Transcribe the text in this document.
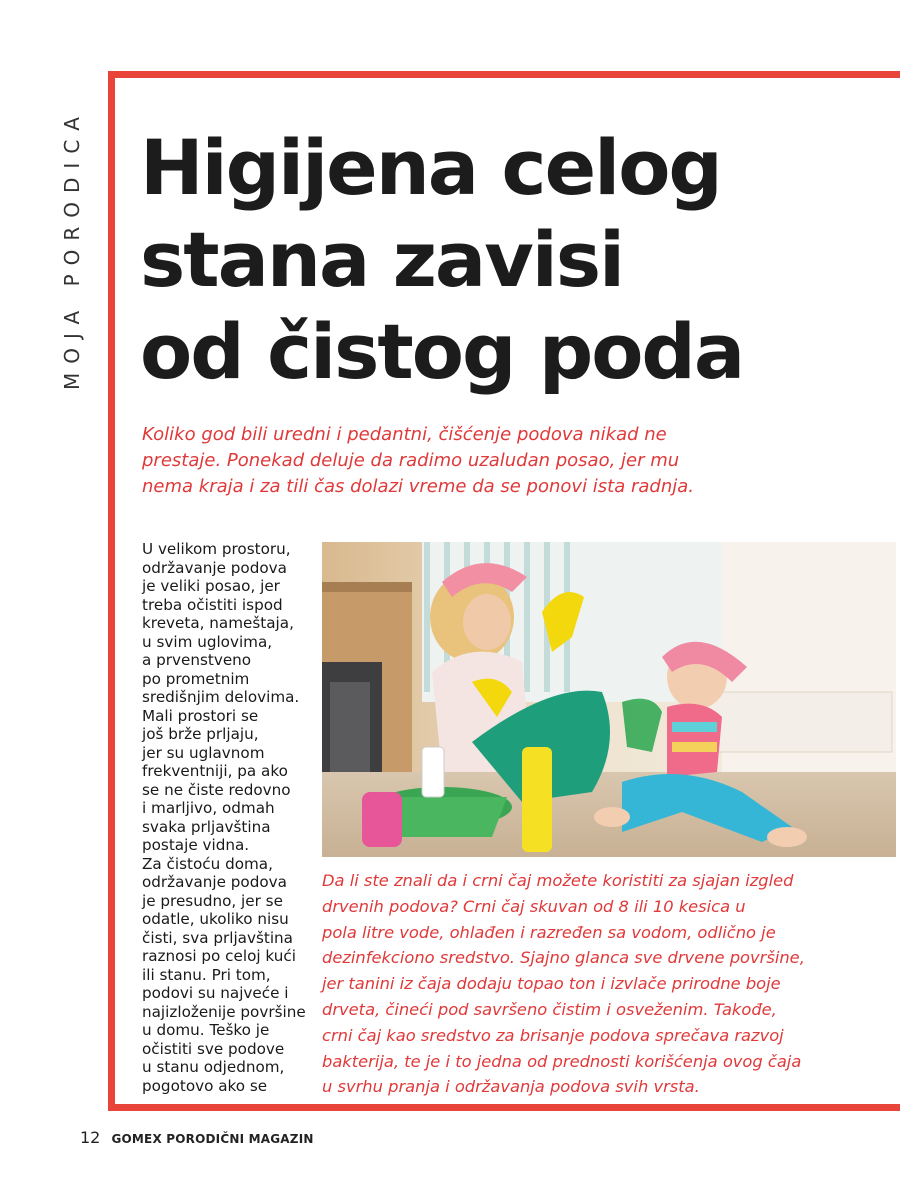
MOJA PORODICA Higijena celog
stana zavisi
od čistog poda

Koliko god bili uredni i pedantni, čišćenje podova nikad ne
prestaje. Ponekad deluje da radimo uzaludan posao, jer mu
nema kraja i za tili čas dolazi vreme da se ponovi ista radnja.

U velikom prostoru,
održavanje podova
je veliki posao, jer
treba očistiti ispod
kreveta, nameštaja,
u svim uglovima,
a prvenstveno
po prometnim
središnjim delovima.
Mali prostori se
još brže prljaju,
jer su uglavnom
frekventniji, pa ako
se ne čiste redovno
i marljivo, odmah
svaka prljavština
postaje vidna.
Za čistoću doma,
održavanje podova
je presudno, jer se
odatle, ukoliko nisu
čisti, sva prljavština
raznosi po celoj kući
ili stanu. Pri tom,
podovi su najveće i
najizloženije površine
u domu. Teško je
očistiti sve podove
u stanu odjednom,
pogotovo ako se
Da li ste znali da i crni čaj možete koristiti za sjajan izgled
drvenih podova? Crni čaj skuvan od 8 ili 10 kesica u
pola litre vode, ohlađen i razređen sa vodom, odlično je
dezinfekciono sredstvo. Sjajno glanca sve drvene površine,
jer tanini iz čaja dodaju topao ton i izvlače prirodne boje
drveta, čineći pod savršeno čistim i osveženim. Takođe,
crni čaj kao sredstvo za brisanje podova sprečava razvoj
bakterija, te je i to jedna od prednosti korišćenja ovog čaja
u svrhu pranja i održavanja podova svih vrsta.
12 GOMEX PORODIČNI MAGAZIN
